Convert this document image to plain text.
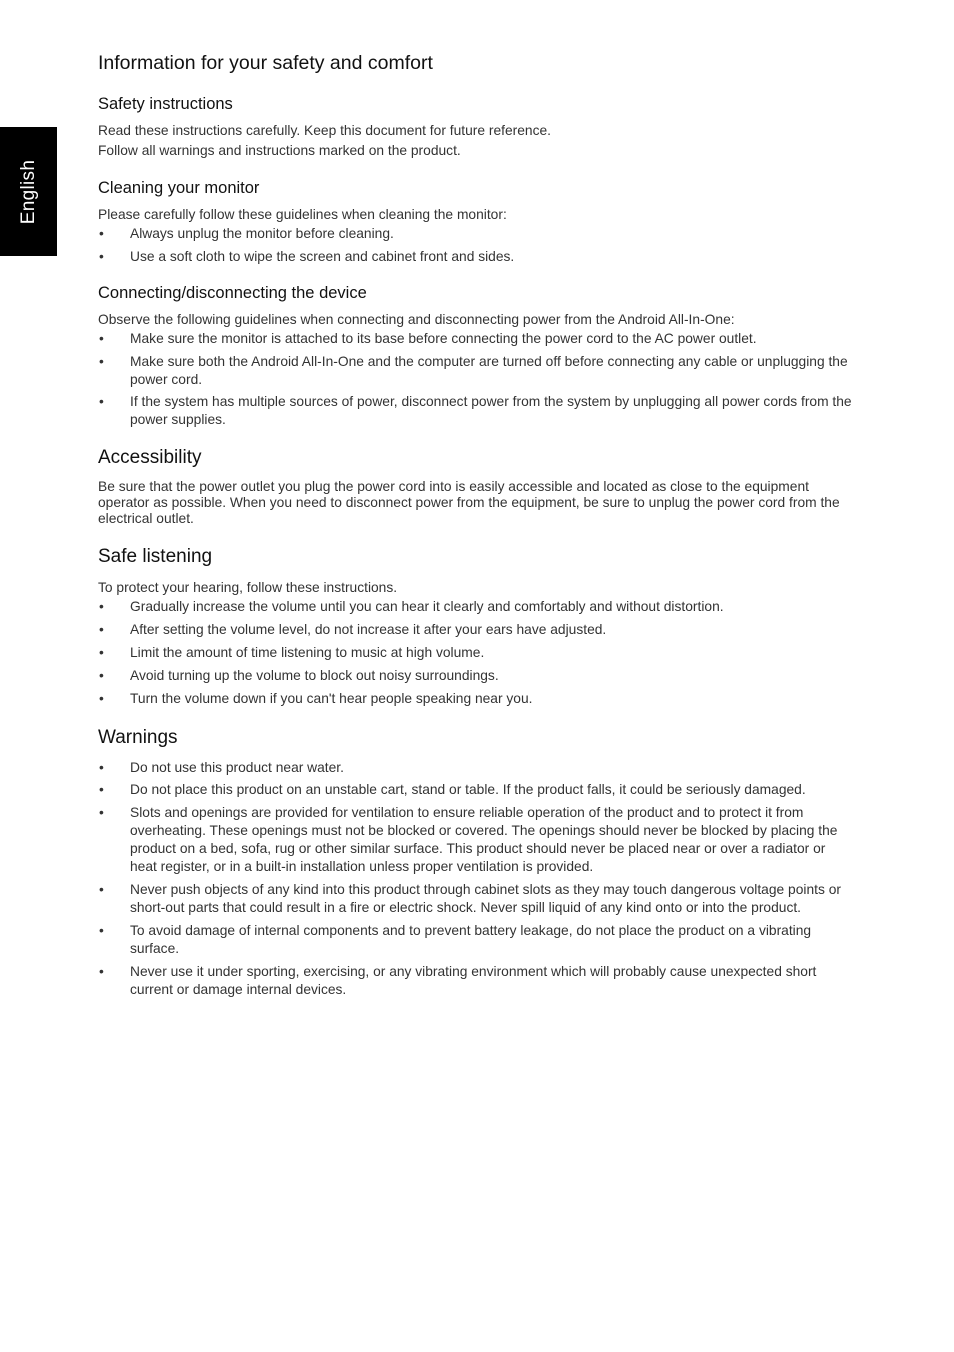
English
Information for your safety and comfort
Safety instructions

Read these instructions carefully. Keep this document for future reference.

Follow all warnings and instructions marked on the product.

Cleaning your monitor

Please carefully follow these guidelines when cleaning the monitor:

• Always unplug the monitor before cleaning.
• Use a soft cloth to wipe the screen and cabinet front and sides.
Connecting/disconnecting the device

Observe the following guidelines when connecting and disconnecting power from the Android All-In-One:

• Make sure the monitor is attached to its base before connecting the power cord to the AC power outlet.
• Make sure both the Android All-In-One and the computer are turned off before connecting any cable or unplugging the power cord.
• If the system has multiple sources of power, disconnect power from the system by unplugging all power cords from the power supplies.
Accessibility

Be sure that the power outlet you plug the power cord into is easily accessible and located as close to the equipment operator as possible. When you need to disconnect power from the equipment, be sure to unplug the power cord from the electrical outlet.

Safe listening

To protect your hearing, follow these instructions.

• Gradually increase the volume until you can hear it clearly and comfortably and without distortion.
• After setting the volume level, do not increase it after your ears have adjusted.
• Limit the amount of time listening to music at high volume.
• Avoid turning up the volume to block out noisy surroundings.
• Turn the volume down if you can't hear people speaking near you.
Warnings
• Do not use this product near water.
• Do not place this product on an unstable cart, stand or table. If the product falls, it could be seriously damaged.
• Slots and openings are provided for ventilation to ensure reliable operation of the product and to protect it from overheating. These openings must not be blocked or covered. The openings should never be blocked by placing the product on a bed, sofa, rug or other similar surface. This product should never be placed near or over a radiator or heat register, or in a built-in installation unless proper ventilation is provided.
• Never push objects of any kind into this product through cabinet slots as they may touch dangerous voltage points or short-out parts that could result in a fire or electric shock. Never spill liquid of any kind onto or into the product.
• To avoid damage of internal components and to prevent battery leakage, do not place the product on a vibrating surface.
• Never use it under sporting, exercising, or any vibrating environment which will probably cause unexpected short current or damage internal devices.
